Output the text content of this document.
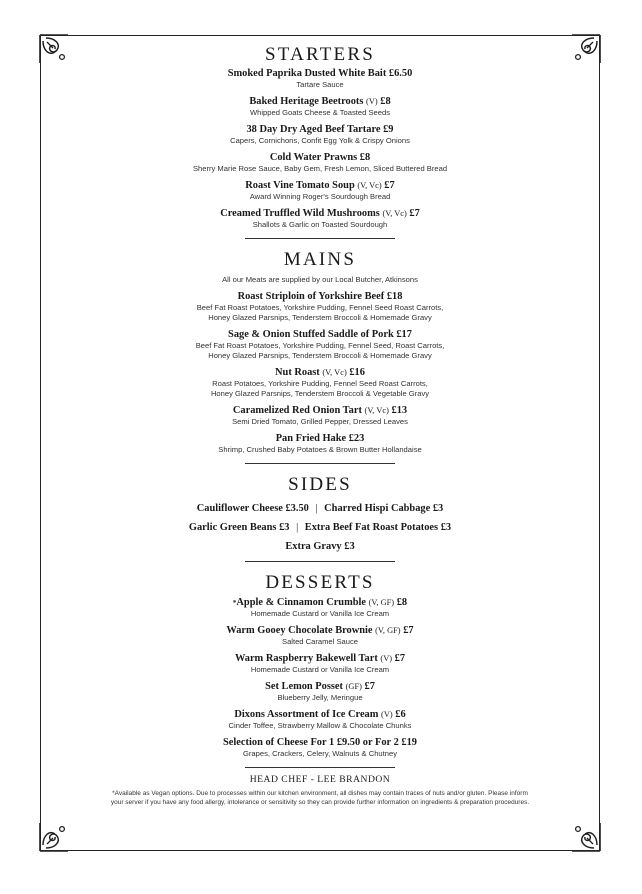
STARTERS
Smoked Paprika Dusted White Bait £6.50
Tartare Sauce
Baked Heritage Beetroots (V) £8
Whipped Goats Cheese & Toasted Seeds
38 Day Dry Aged Beef Tartare £9
Capers, Cornichons, Confit Egg Yolk & Crispy Onions
Cold Water Prawns £8
Sherry Marie Rose Sauce, Baby Gem, Fresh Lemon, Sliced Buttered Bread
Roast Vine Tomato Soup (V, Vc) £7
Award Winning Roger's Sourdough Bread
Creamed Truffled Wild Mushrooms (V, Vc) £7
Shallots & Garlic on Toasted Sourdough
MAINS
All our Meats are supplied by our Local Butcher, Atkinsons
Roast Striploin of Yorkshire Beef £18
Beef Fat Roast Potatoes, Yorkshire Pudding, Fennel Seed Roast Carrots,
Honey Glazed Parsnips, Tenderstem Broccoli & Homemade Gravy
Sage & Onion Stuffed Saddle of Pork £17
Beef Fat Roast Potatoes, Yorkshire Pudding, Fennel Seed, Roast Carrots,
Honey Glazed Parsnips, Tenderstem Broccoli & Homemade Gravy
Nut Roast (V, Vc) £16
Roast Potatoes, Yorkshire Pudding, Fennel Seed Roast Carrots,
Honey Glazed Parsnips, Tenderstem Broccoli & Vegetable Gravy
Caramelized Red Onion Tart (V, Vc) £13
Semi Dried Tomato, Grilled Pepper, Dressed Leaves
Pan Fried Hake £23
Shrimp, Crushed Baby Potatoes & Brown Butter Hollandaise
SIDES
Cauliflower Cheese £3.50 | Charred Hispi Cabbage £3
Garlic Green Beans £3 | Extra Beef Fat Roast Potatoes £3
Extra Gravy £3
DESSERTS
*Apple & Cinnamon Crumble (V, GF) £8
Homemade Custard or Vanilla Ice Cream
Warm Gooey Chocolate Brownie (V, GF) £7
Salted Caramel Sauce
Warm Raspberry Bakewell Tart (V) £7
Homemade Custard or Vanilla Ice Cream
Set Lemon Posset (GF) £7
Blueberry Jelly, Meringue
Dixons Assortment of Ice Cream (V) £6
Cinder Toffee, Strawberry Mallow & Chocolate Chunks
Selection of Cheese For 1 £9.50 or For 2 £19
Grapes, Crackers, Celery, Walnuts & Chutney
HEAD CHEF - LEE BRANDON
*Available as Vegan options. Due to processes within our kitchen environment, all dishes may contain traces of nuts and/or gluten. Please inform
your server if you have any food allergy, intolerance or sensitivity so they can provide further information on ingredients & preparation procedures.
